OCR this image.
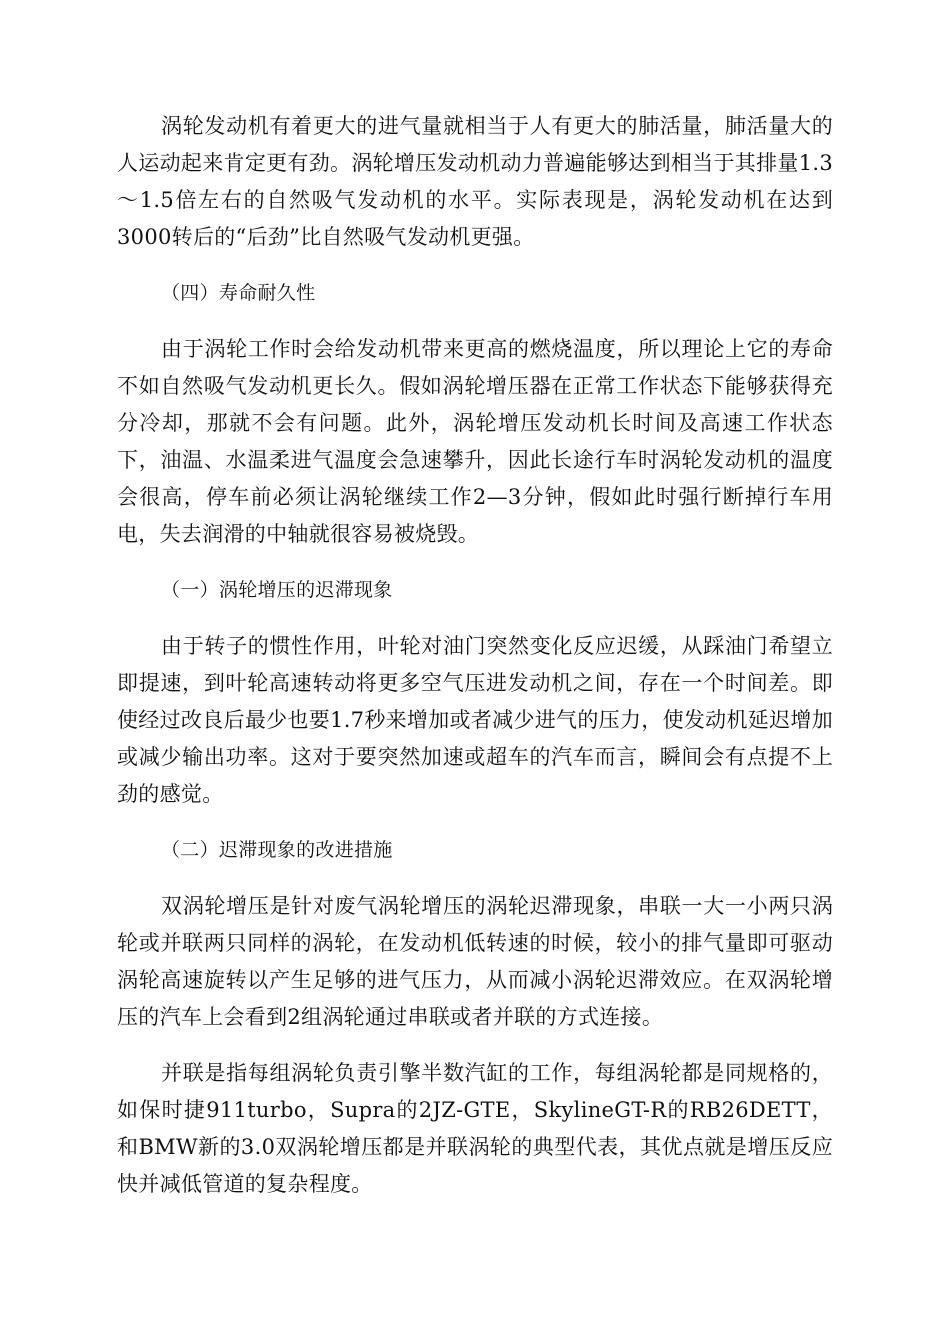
涡轮发动机有着更大的进气量就相当于人有更大的肺活量，肺活量大的人运动起来肯定更有劲。涡轮增压发动机动力普遍能够达到相当于其排量1.3～1.5倍左右的自然吸气发动机的水平。实际表现是，涡轮发动机在达到3000转后的“后劲”比自然吸气发动机更强。

（四）寿命耐久性

由于涡轮工作时会给发动机带来更高的燃烧温度，所以理论上它的寿命不如自然吸气发动机更长久。假如涡轮增压器在正常工作状态下能够获得充分冷却，那就不会有问题。此外，涡轮增压发动机长时间及高速工作状态下，油温、水温柔进气温度会急速攀升，因此长途行车时涡轮发动机的温度会很高，停车前必须让涡轮继续工作2—3分钟，假如此时强行断掉行车用电，失去润滑的中轴就很容易被烧毁。

（一）涡轮增压的迟滞现象

由于转子的惯性作用，叶轮对油门突然变化反应迟缓，从踩油门希望立即提速，到叶轮高速转动将更多空气压进发动机之间，存在一个时间差。即使经过改良后最少也要1.7秒来增加或者减少进气的压力，使发动机延迟增加或减少输出功率。这对于要突然加速或超车的汽车而言，瞬间会有点提不上劲的感觉。

（二）迟滞现象的改进措施

双涡轮增压是针对废气涡轮增压的涡轮迟滞现象，串联一大一小两只涡轮或并联两只同样的涡轮，在发动机低转速的时候，较小的排气量即可驱动涡轮高速旋转以产生足够的进气压力，从而减小涡轮迟滞效应。在双涡轮增压的汽车上会看到2组涡轮通过串联或者并联的方式连接。

并联是指每组涡轮负责引擎半数汽缸的工作，每组涡轮都是同规格的，如保时捷911turbo，Supra的2JZ-GTE，SkylineGT-R的RB26DETT，和BMW新的3.0双涡轮增压都是并联涡轮的典型代表，其优点就是增压反应快并减低管道的复杂程度。
